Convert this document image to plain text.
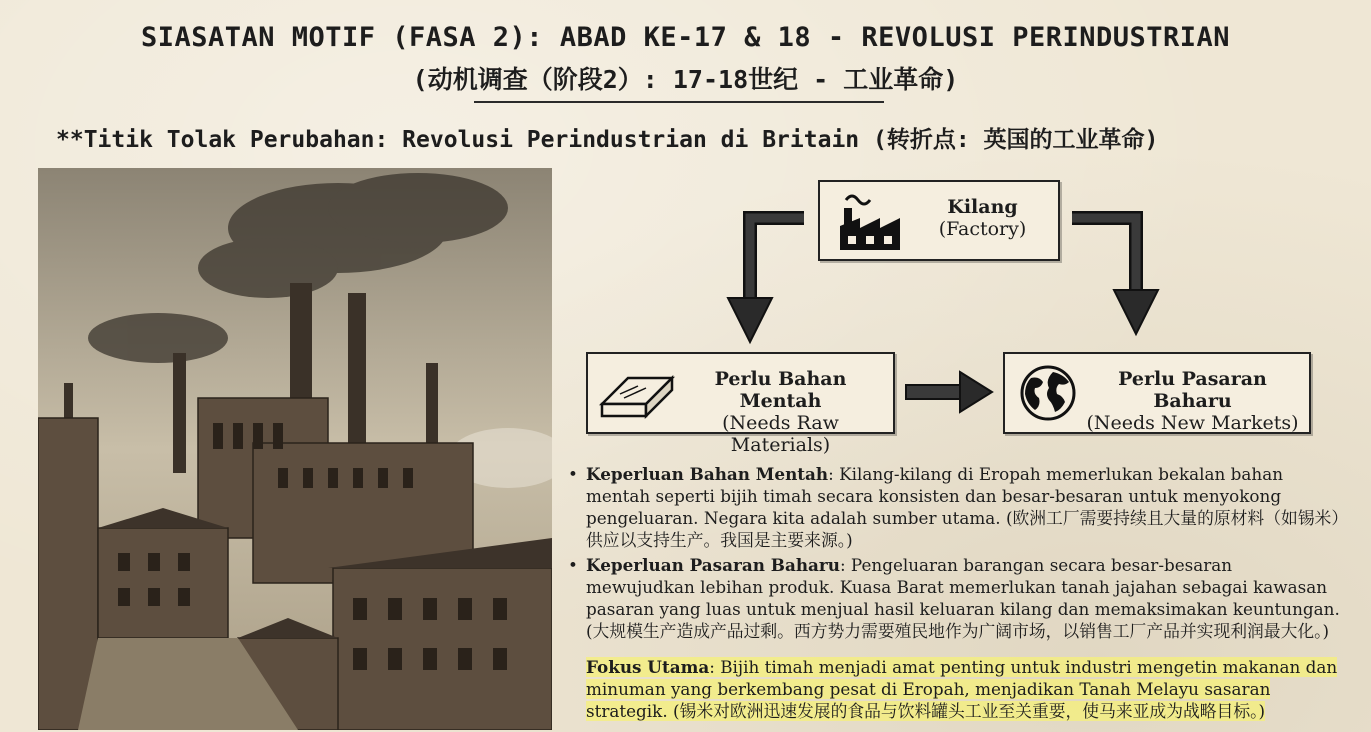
SIASATAN MOTIF (FASA 2): ABAD KE-17 & 18 - REVOLUSI PERINDUSTRIAN
(动机调查（阶段2）: 17-18世纪 - 工业革命)
**Titik Tolak Perubahan: Revolusi Perindustrian di Britain (转折点: 英国的工业革命)
Kilang
(Factory)
Perlu Bahan Mentah
(Needs Raw Materials)
Perlu Pasaran Baharu
(Needs New Markets)
• Keperluan Bahan Mentah: Kilang-kilang di Eropah memerlukan bekalan bahan mentah seperti bijih timah secara konsisten dan besar-besaran untuk menyokong pengeluaran. Negara kita adalah sumber utama. (欧洲工厂需要持续且大量的原材料（如锡米）供应以支持生产。我国是主要来源。)
• Keperluan Pasaran Baharu: Pengeluaran barangan secara besar-besaran mewujudkan lebihan produk. Kuasa Barat memerlukan tanah jajahan sebagai kawasan pasaran yang luas untuk menjual hasil keluaran kilang dan memaksimakan keuntungan. (大规模生产造成产品过剩。西方势力需要殖民地作为广阔市场，以销售工厂产品并实现利润最大化。)
Fokus Utama: Bijih timah menjadi amat penting untuk industri mengetin makanan dan minuman yang berkembang pesat di Eropah, menjadikan Tanah Melayu sasaran strategik. (锡米对欧洲迅速发展的食品与饮料罐头工业至关重要，使马来亚成为战略目标。)
